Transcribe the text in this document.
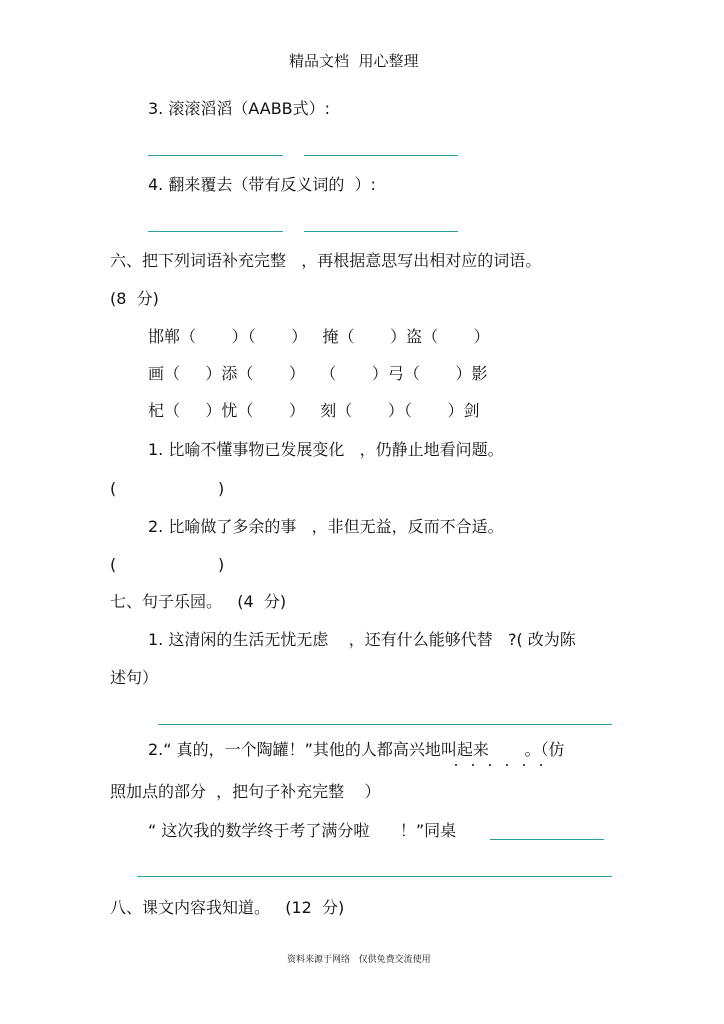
精品文档  用心整理
3. 滚滚滔滔（AABB式）:
4. 翻来覆去（带有反义词的  ）:
六、把下列词语补充完整   ，再根据意思写出相对应的词语。
(8  分)
邯郸（       ）（       ）   掩（       ）盗（       ）
画（     ）添（       ）   （       ）弓（       ）影
杞（     ）忧（       ）   刻（       ）（       ）剑
1. 比喻不懂事物已发展变化   ，仍静止地看问题。
(                    )
2. 比喻做了多余的事   ，非但无益，反而不合适。
(                    )
七、句子乐园。   (4  分)
1. 这清闲的生活无忧无虑    ，还有什么能够代替   ?( 改为陈
述句）
2.“ 真的，一个陶罐！”其他的人都高兴地叫起来       。（仿
照加点的部分  ，把句子补充完整    ）
“ 这次我的数学终于考了满分啦      ！”同桌
八、课文内容我知道。   (12  分)
资料来源于网络   仅供免费交流使用
